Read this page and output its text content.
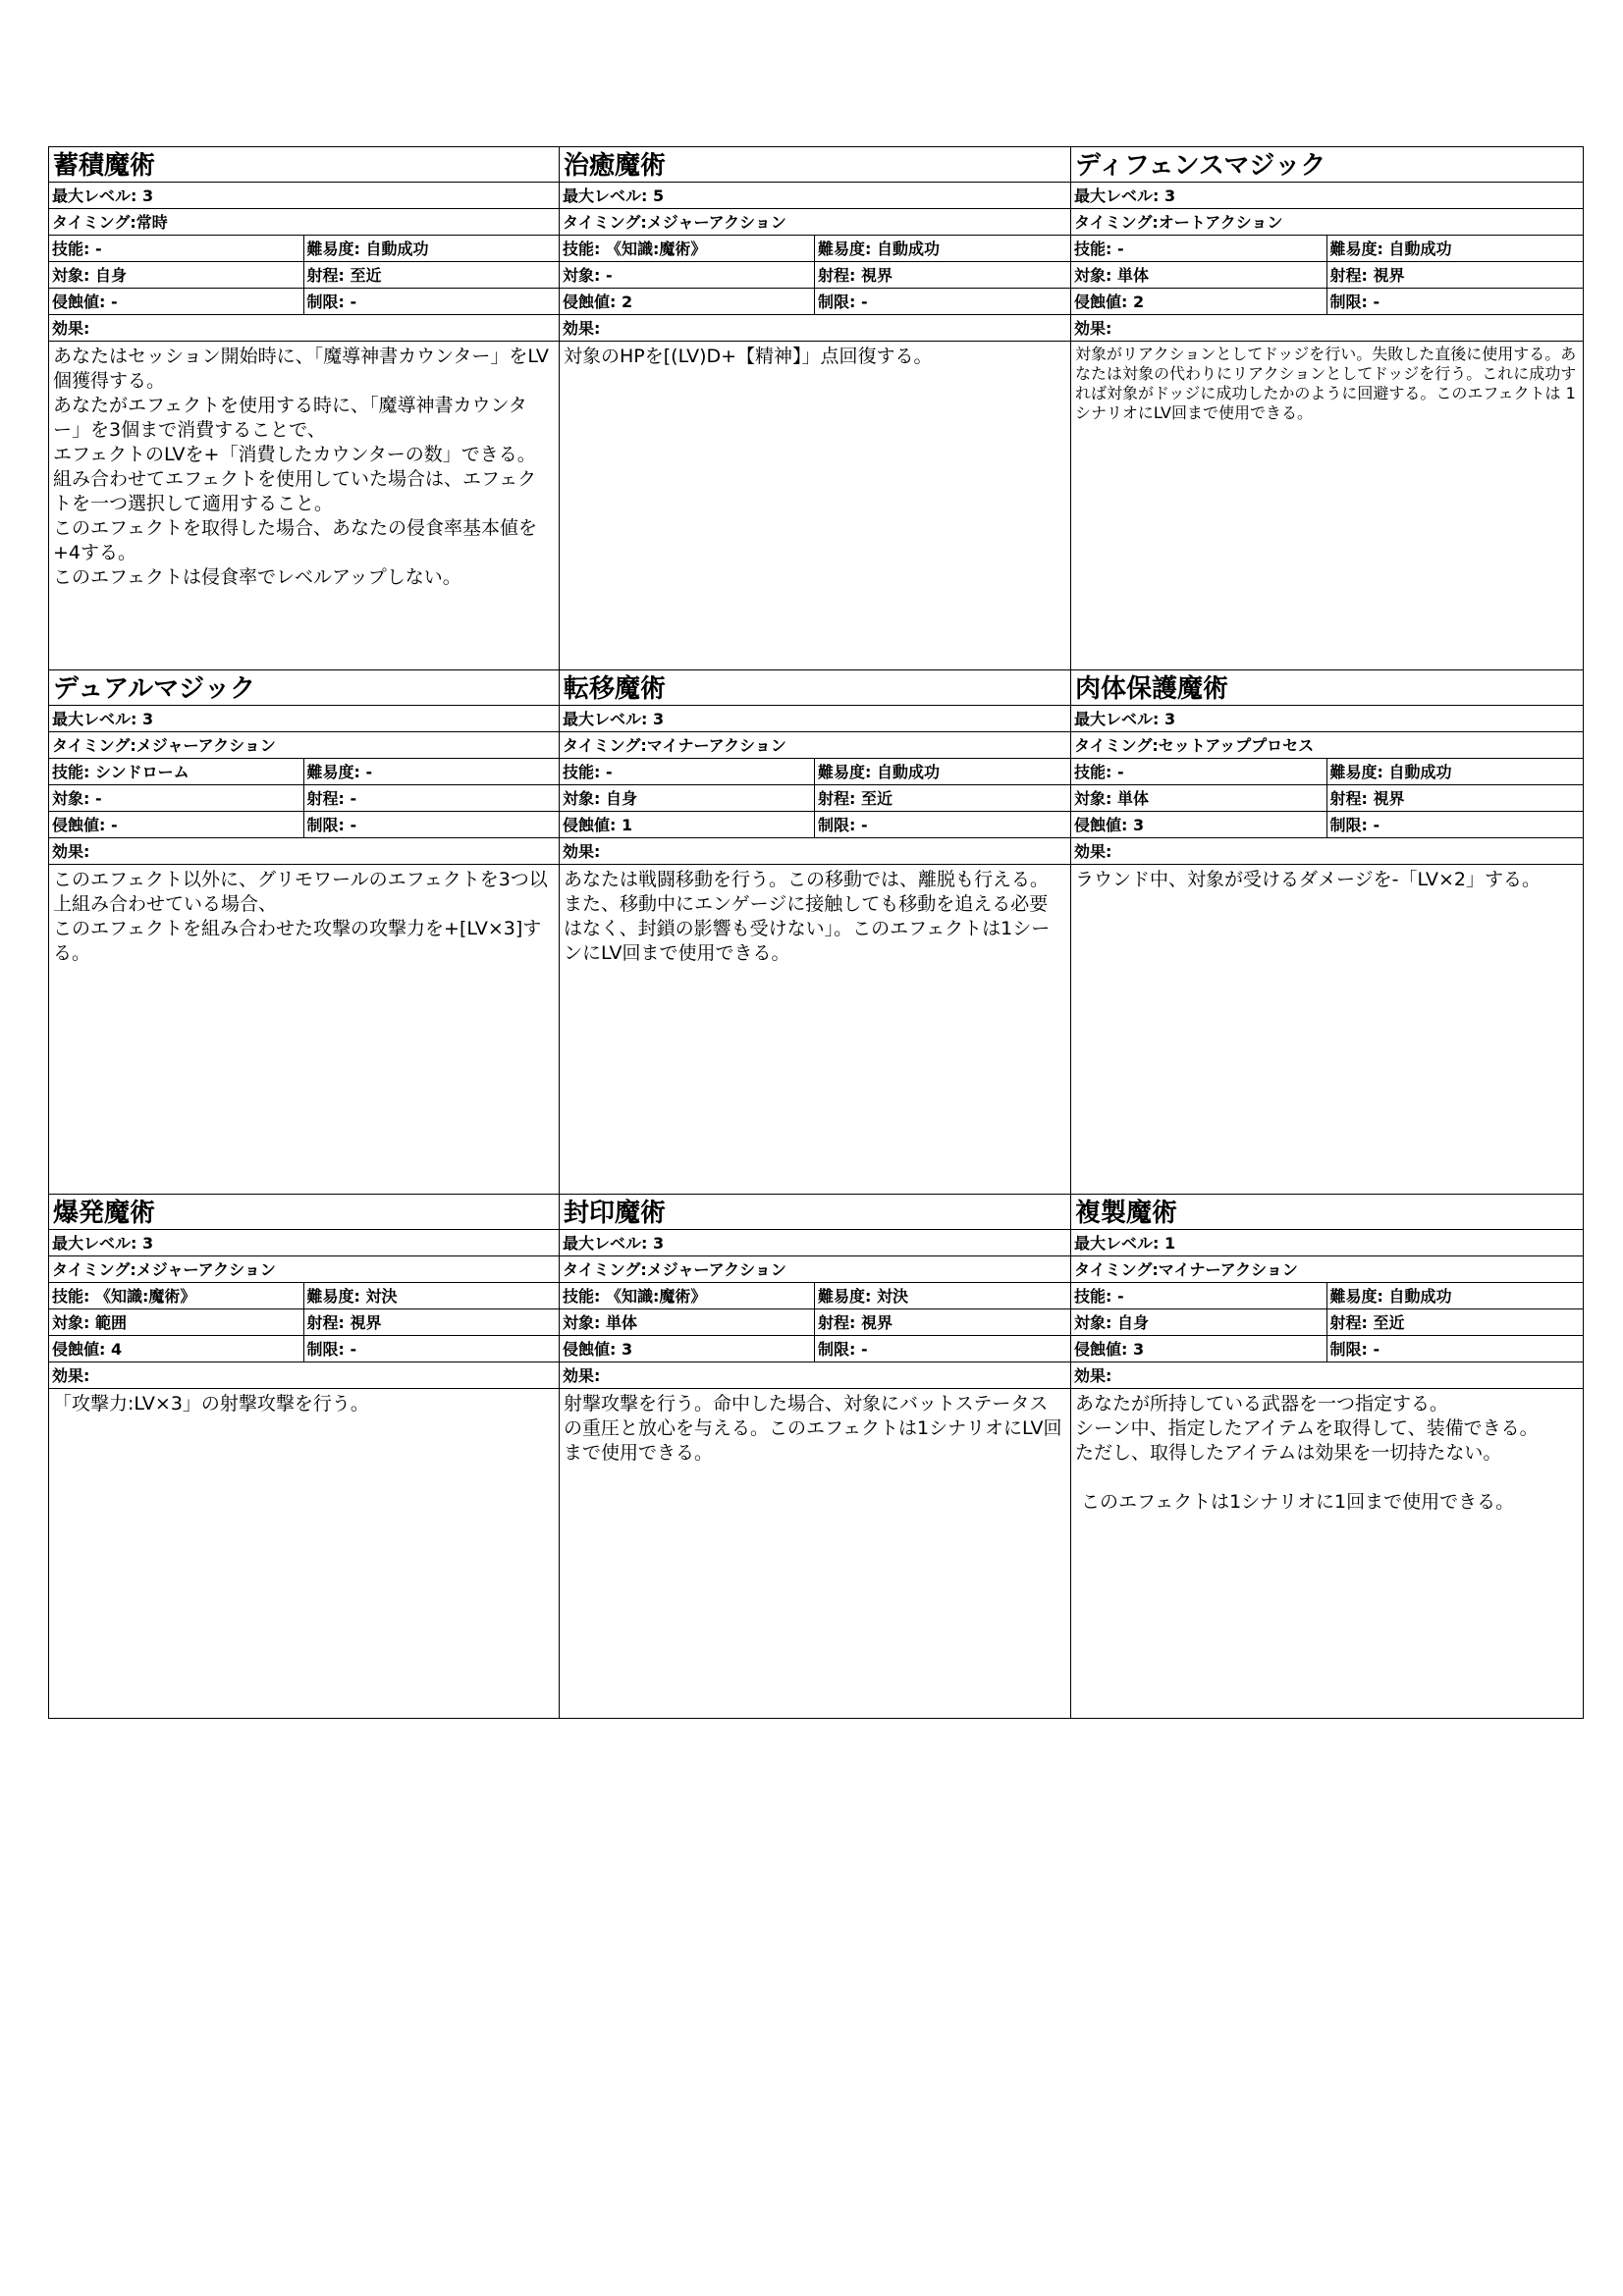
蓄積魔術
最大レベル: 3
タイミング:常時
技能: -	難易度: 自動成功
対象: 自身	射程: 至近
侵蝕値: -	制限: -
効果:
あなたはセッション開始時に、「魔導神書カウンター」をLV個獲得する。
あなたがエフェクトを使用する時に、「魔導神書カウンター」を3個まで消費することで、
エフェクトのLVを+「消費したカウンターの数」できる。
組み合わせてエフェクトを使用していた場合は、エフェクトを一つ選択して適用すること。
このエフェクトを取得した場合、あなたの侵食率基本値を+4する。
このエフェクトは侵食率でレベルアップしない。
治癒魔術
最大レベル: 5
タイミング:メジャーアクション
技能: 《知識:魔術》	難易度: 自動成功
対象: -	射程: 視界
侵蝕値: 2	制限: -
効果:
対象のHPを[(LV)D+【精神】」点回復する。
ディフェンスマジック
最大レベル: 3
タイミング:オートアクション
技能: -	難易度: 自動成功
対象: 単体	射程: 視界
侵蝕値: 2	制限: -
効果:
対象がリアクションとしてドッジを行い。失敗した直後に使用する。あなたは対象の代わりにリアクションとしてドッジを行う。これに成功すれば対象がドッジに成功したかのように回避する。このエフェクトは 1シナリオにLV回まで使用できる。
デュアルマジック
最大レベル: 3
タイミング:メジャーアクション
技能: シンドローム	難易度: -
対象: -	射程: -
侵蝕値: -	制限: -
効果:
このエフェクト以外に、グリモワールのエフェクトを3つ以上組み合わせている場合、
このエフェクトを組み合わせた攻撃の攻撃力を+[LV×3]する。
転移魔術
最大レベル: 3
タイミング:マイナーアクション
技能: -	難易度: 自動成功
対象: 自身	射程: 至近
侵蝕値: 1	制限: -
効果:
あなたは戦闘移動を行う。この移動では、離脱も行える。また、移動中にエンゲージに接触しても移動を追える必要はなく、封鎖の影響も受けない」。このエフェクトは1シーンにLV回まで使用できる。
肉体保護魔術
最大レベル: 3
タイミング:セットアッププロセス
技能: -	難易度: 自動成功
対象: 単体	射程: 視界
侵蝕値: 3	制限: -
効果:
ラウンド中、対象が受けるダメージを-「LV×2」する。
爆発魔術
最大レベル: 3
タイミング:メジャーアクション
技能: 《知識:魔術》	難易度: 対決
対象: 範囲	射程: 視界
侵蝕値: 4	制限: -
効果:
「攻撃力:LV×3」の射撃攻撃を行う。
封印魔術
最大レベル: 3
タイミング:メジャーアクション
技能: 《知識:魔術》	難易度: 対決
対象: 単体	射程: 視界
侵蝕値: 3	制限: -
効果:
射撃攻撃を行う。命中した場合、対象にバットステータスの重圧と放心を与える。このエフェクトは1シナリオにLV回まで使用できる。
複製魔術
最大レベル: 1
タイミング:マイナーアクション
技能: -	難易度: 自動成功
対象: 自身	射程: 至近
侵蝕値: 3	制限: -
効果:
あなたが所持している武器を一つ指定する。
シーン中、指定したアイテムを取得して、装備できる。
ただし、取得したアイテムは効果を一切持たない。

このエフェクトは1シナリオに1回まで使用できる。
